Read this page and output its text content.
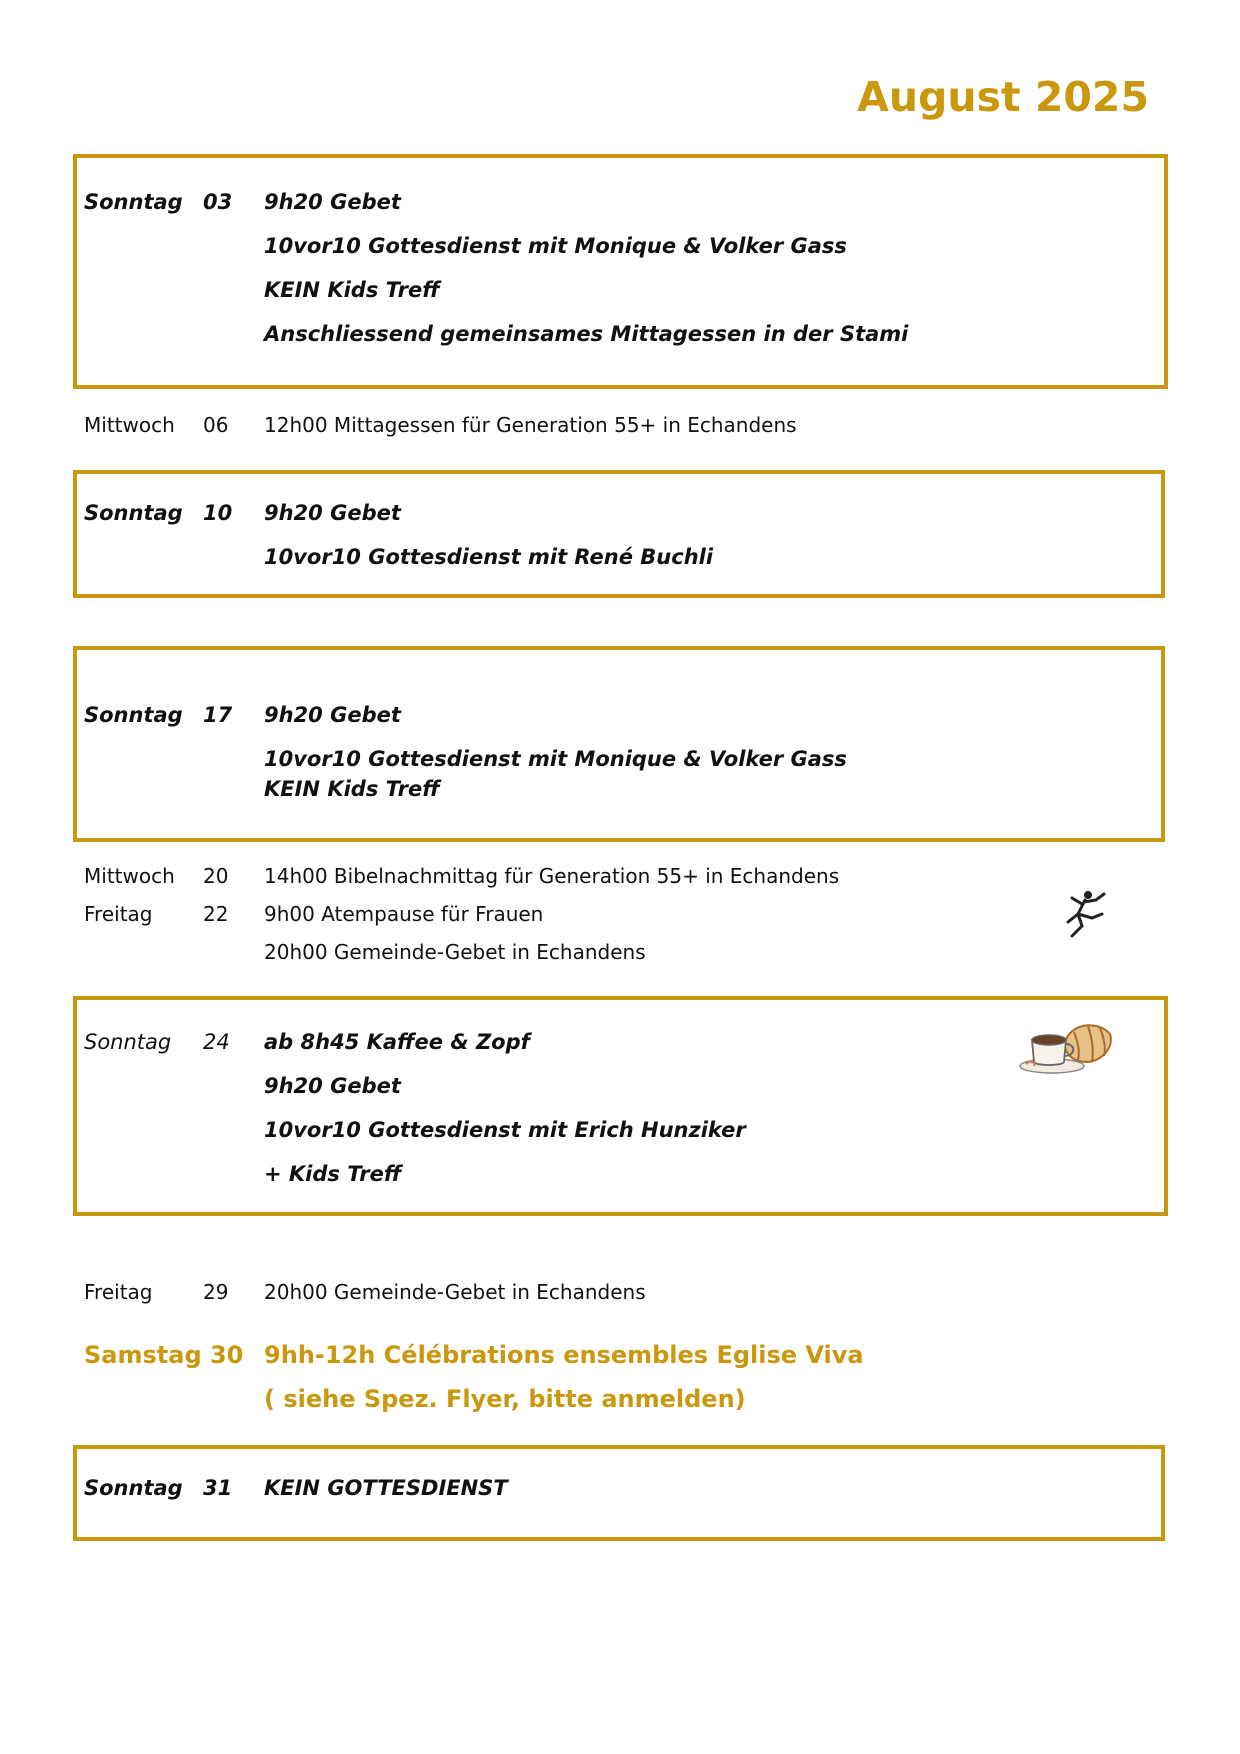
August 2025
Sonntag 03 9h20 Gebet
10vor10 Gottesdienst mit Monique & Volker Gass
KEIN Kids Treff
Anschliessend gemeinsames Mittagessen in der Stami
Mittwoch 06 12h00 Mittagessen für Generation 55+ in Echandens
Sonntag 10 9h20 Gebet
10vor10 Gottesdienst mit René Buchli
Sonntag 17 9h20 Gebet
10vor10 Gottesdienst mit Monique & Volker Gass
KEIN Kids Treff
Mittwoch 20 14h00 Bibelnachmittag für Generation 55+ in Echandens
Freitag	22 9h00 Atempause für Frauen
20h00 Gemeinde-Gebet in Echandens
Sonntag 24 ab 8h45 Kaffee & Zopf
9h20 Gebet
10vor10 Gottesdienst mit Erich Hunziker
+ Kids Treff
Freitag	29 20h00 Gemeinde-Gebet in Echandens
Samstag 30 9hh-12h Célébrations ensembles Eglise Viva
( siehe Spez. Flyer, bitte anmelden)
Sonntag 31 KEIN GOTTESDIENST
